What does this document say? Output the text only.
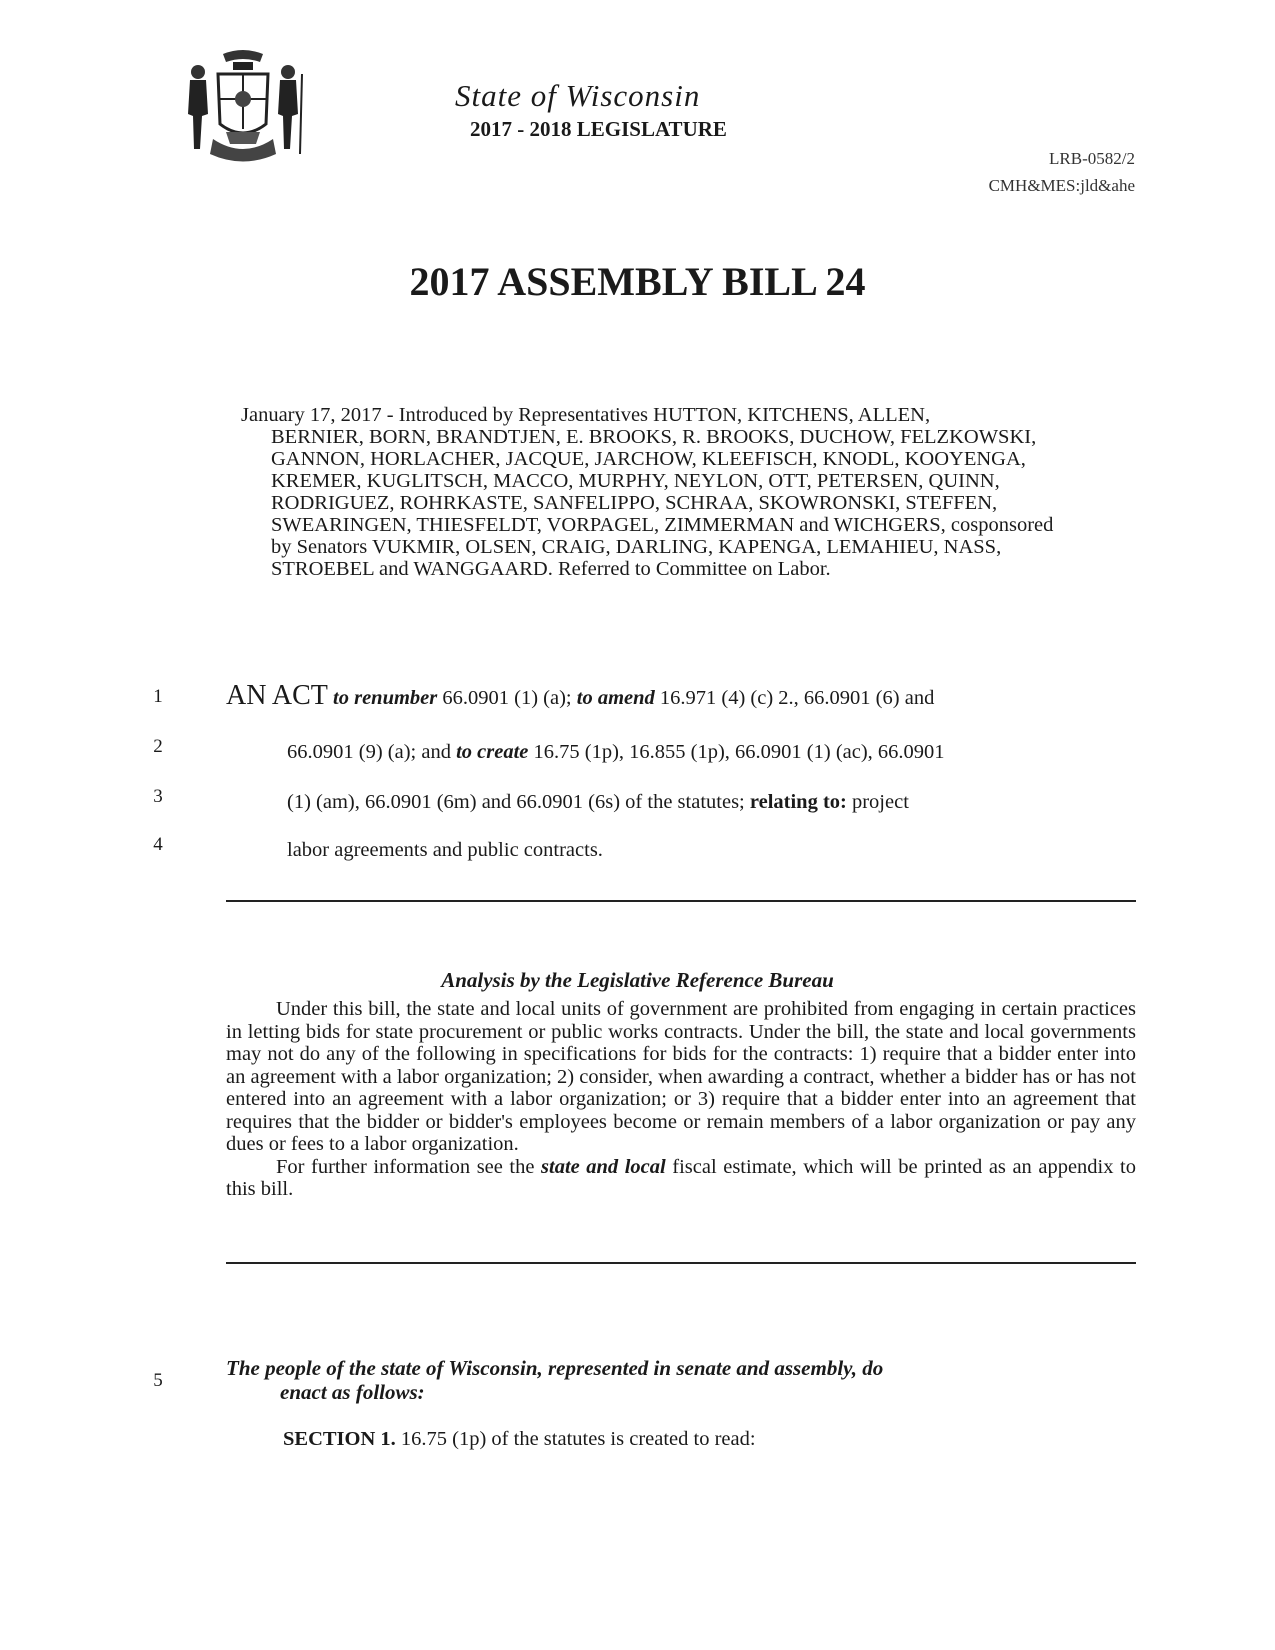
State of Wisconsin
2017 - 2018 LEGISLATURE
LRB-0582/2
CMH&MES:jld&ahe
2017 ASSEMBLY BILL 24
January 17, 2017 - Introduced by Representatives HUTTON, KITCHENS, ALLEN,
BERNIER, BORN, BRANDTJEN, E. BROOKS, R. BROOKS, DUCHOW, FELZKOWSKI,
GANNON, HORLACHER, JACQUE, JARCHOW, KLEEFISCH, KNODL, KOOYENGA,
KREMER, KUGLITSCH, MACCO, MURPHY, NEYLON, OTT, PETERSEN, QUINN,
RODRIGUEZ, ROHRKASTE, SANFELIPPO, SCHRAA, SKOWRONSKI, STEFFEN,
SWEARINGEN, THIESFELDT, VORPAGEL, ZIMMERMAN and WICHGERS, cosponsored
by Senators VUKMIR, OLSEN, CRAIG, DARLING, KAPENGA, LEMAHIEU, NASS,
STROEBEL and WANGGAARD. Referred to Committee on Labor.
1
2
3
4
5
AN ACT to renumber 66.0901 (1) (a); to amend 16.971 (4) (c) 2., 66.0901 (6) and
66.0901 (9) (a); and to create 16.75 (1p), 16.855 (1p), 66.0901 (1) (ac), 66.0901
(1) (am), 66.0901 (6m) and 66.0901 (6s) of the statutes; relating to: project
labor agreements and public contracts.
Analysis by the Legislative Reference Bureau

Under this bill, the state and local units of government are prohibited from engaging in certain practices in letting bids for state procurement or public works contracts. Under the bill, the state and local governments may not do any of the following in specifications for bids for the contracts: 1) require that a bidder enter into an agreement with a labor organization; 2) consider, when awarding a contract, whether a bidder has or has not entered into an agreement with a labor organization; or 3) require that a bidder enter into an agreement that requires that the bidder or bidder's employees become or remain members of a labor organization or pay any dues or fees to a labor organization.

For further information see the state and local fiscal estimate, which will be printed as an appendix to this bill.

The people of the state of Wisconsin, represented in senate and assembly, do
enact as follows:
SECTION 1. 16.75 (1p) of the statutes is created to read:
